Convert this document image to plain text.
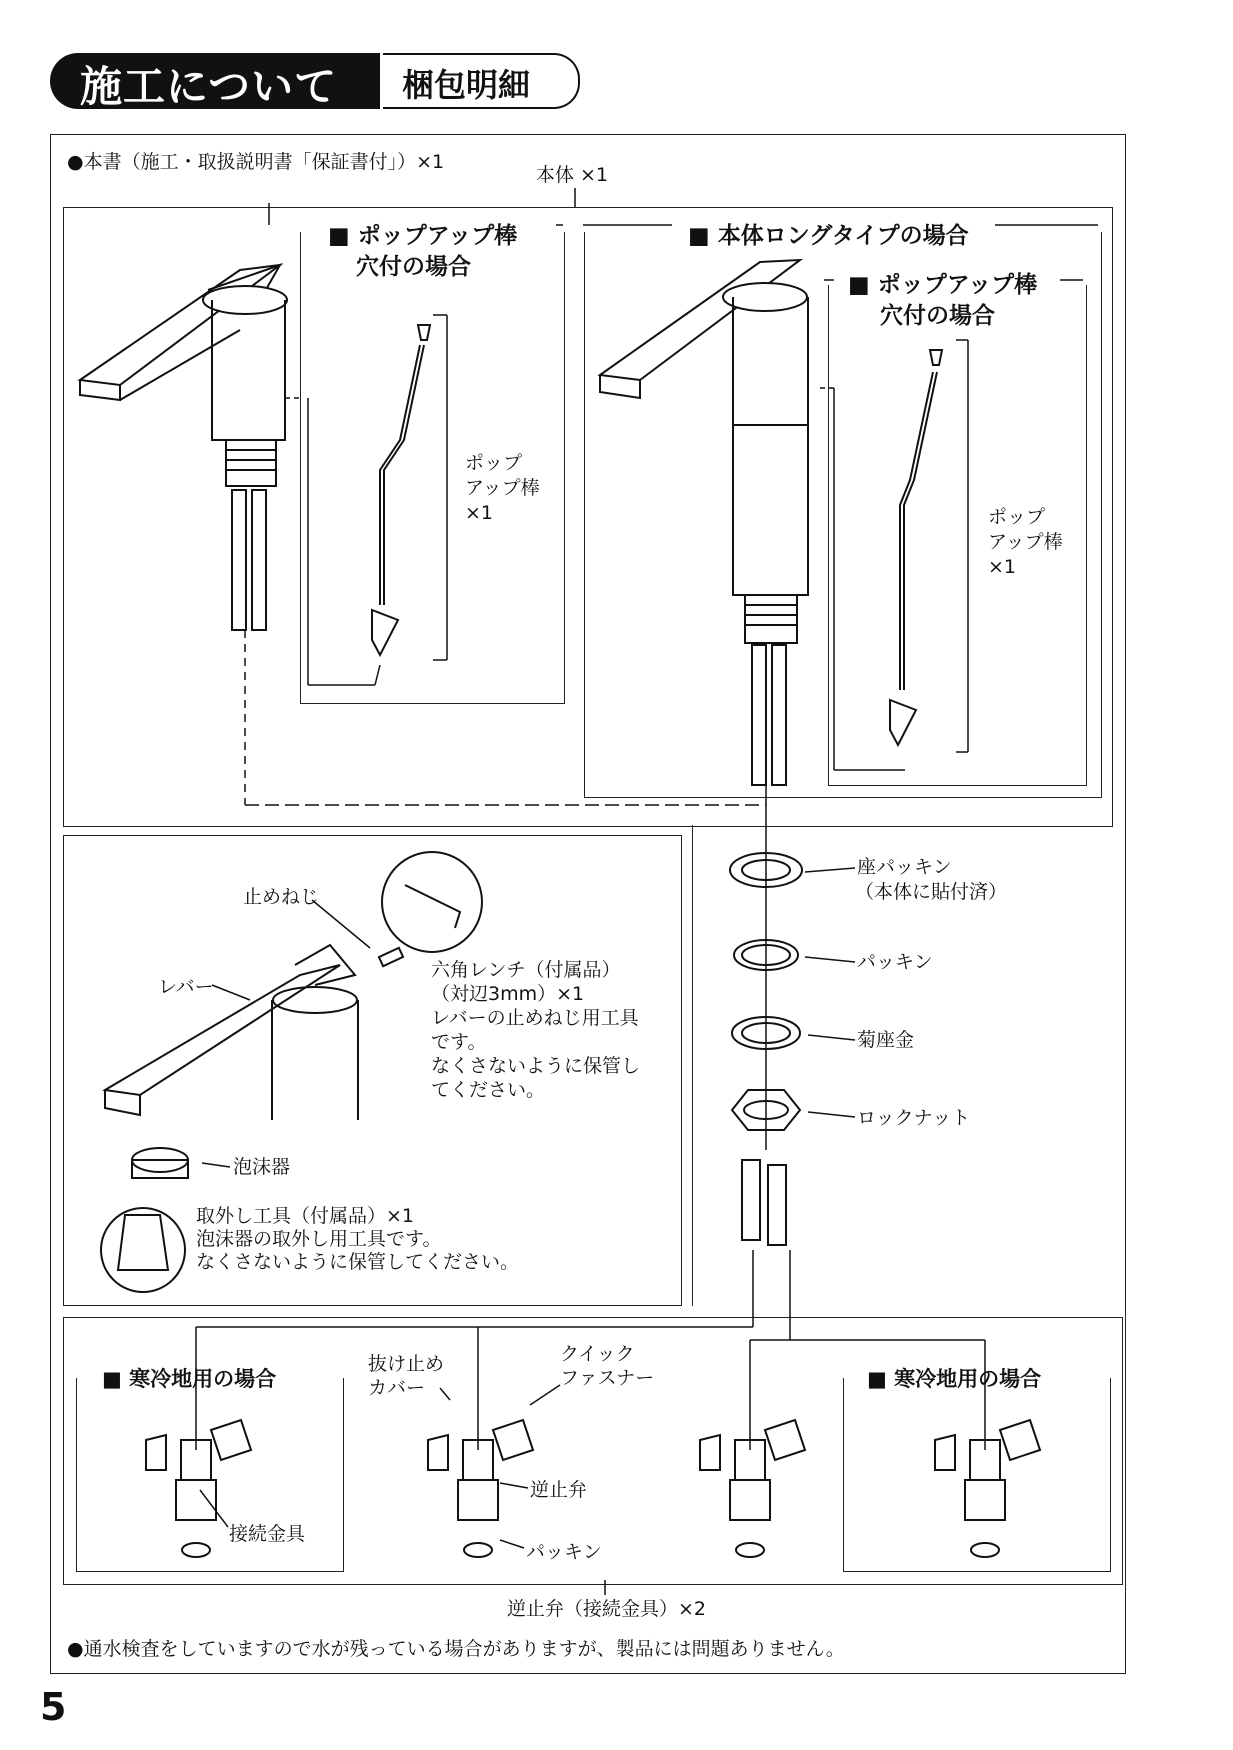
施工について 梱包明細
●本書（施工・取扱説明書「保証書付」）×1
本体 ×1
■ ポップアップ棒
穴付の場合
ポップ
アップ棒
×1
■ 本体ロングタイプの場合
■ ポップアップ棒
穴付の場合
ポップ
アップ棒
×1
座パッキン
（本体に貼付済）
パッキン
菊座金
ロックナット
止めねじ
レバー
六角レンチ（付属品）
（対辺3mm）×1
レバーの止めねじ用工具
です。
なくさないように保管し
てください。
泡沫器
取外し工具（付属品）×1
泡沫器の取外し用工具です。
なくさないように保管してください。
■ 寒冷地用の場合	■ 寒冷地用の場合
抜け止め
カバー
クイック
ファスナー
逆止弁
接続金具
パッキン
逆止弁（接続金具）×2
●通水検査をしていますので水が残っている場合がありますが、製品には問題ありません。
5
